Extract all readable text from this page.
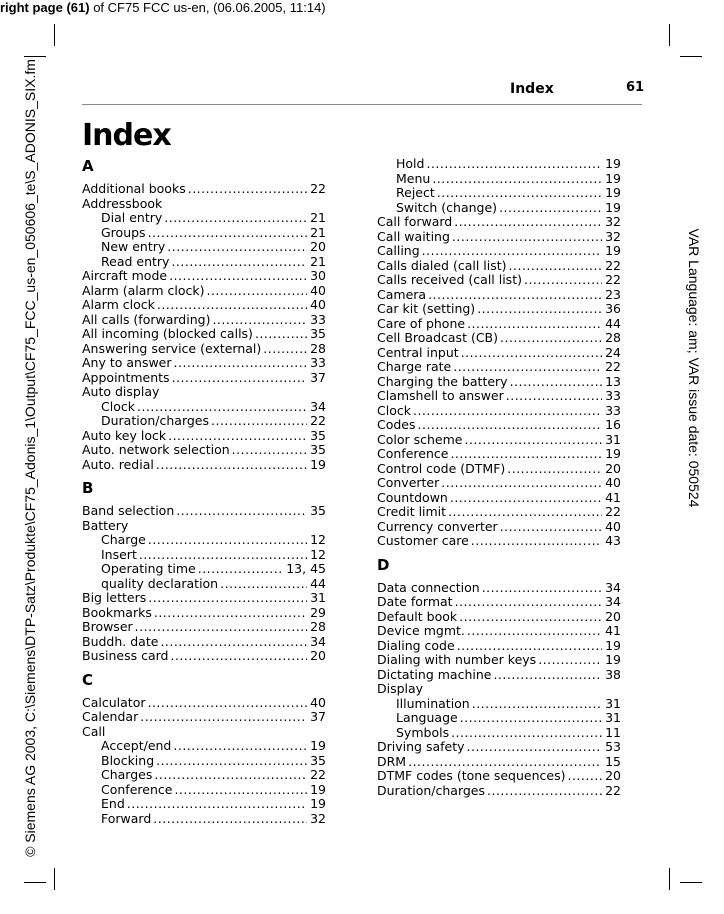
right page (61) of CF75 FCC us-en, (06.06.2005, 11:14)
© Siemens AG 2003, C:\Siemens\DTP-Satz\Produkte\CF75_Adonis_1\Output\CF75_FCC_us-en_050606_te\S_ADONIS_SIX.fm	VAR Language: am; VAR issue date: 050524
Index	61
Index
A
Additional books .....	22
Addressbook
Dial entry .....	21
Groups .....	21
New entry .....	20
Read entry .....	21
Aircraft mode .....	30
Alarm (alarm clock) .....	40
Alarm clock .....	40
All calls (forwarding) .....	33
All incoming (blocked calls) .....	35
Answering service (external) .....	28
Any to answer .....	33
Appointments .....	37
Auto display
Clock .....	34
Duration/charges .....	22
Auto key lock .....	35
Auto. network selection .....	35
Auto. redial .....	19
B
Band selection .....	35
Battery
Charge .....	12
Insert .....	12
Operating time .....	13, 45
quality declaration .....	44
Big letters .....	31
Bookmarks .....	29
Browser .....	28
Buddh. date .....	34
Business card .....	20
C
Calculator .....	40
Calendar .....	37
Call
Accept/end .....	19
Blocking .....	35
Charges .....	22
Conference .....	19
End .....	19
Forward .....	32
Hold .....	19
Menu .....	19
Reject .....	19
Switch (change) .....	19
Call forward .....	32
Call waiting .....	32
Calling .....	19
Calls dialed (call list) .....	22
Calls received (call list) .....	22
Camera .....	23
Car kit (setting) .....	36
Care of phone .....	44
Cell Broadcast (CB) .....	28
Central input .....	24
Charge rate .....	22
Charging the battery .....	13
Clamshell to answer .....	33
Clock .....	33
Codes .....	16
Color scheme .....	31
Conference .....	19
Control code (DTMF) .....	20
Converter .....	40
Countdown .....	41
Credit limit .....	22
Currency converter .....	40
Customer care .....	43
D
Data connection .....	34
Date format .....	34
Default book .....	20
Device mgmt. .....	41
Dialing code .....	19
Dialing with number keys .....	19
Dictating machine .....	38
Display
Illumination .....	31
Language .....	31
Symbols .....	11
Driving safety .....	53
DRM .....	15
DTMF codes (tone sequences) .....	20
Duration/charges .....	22
